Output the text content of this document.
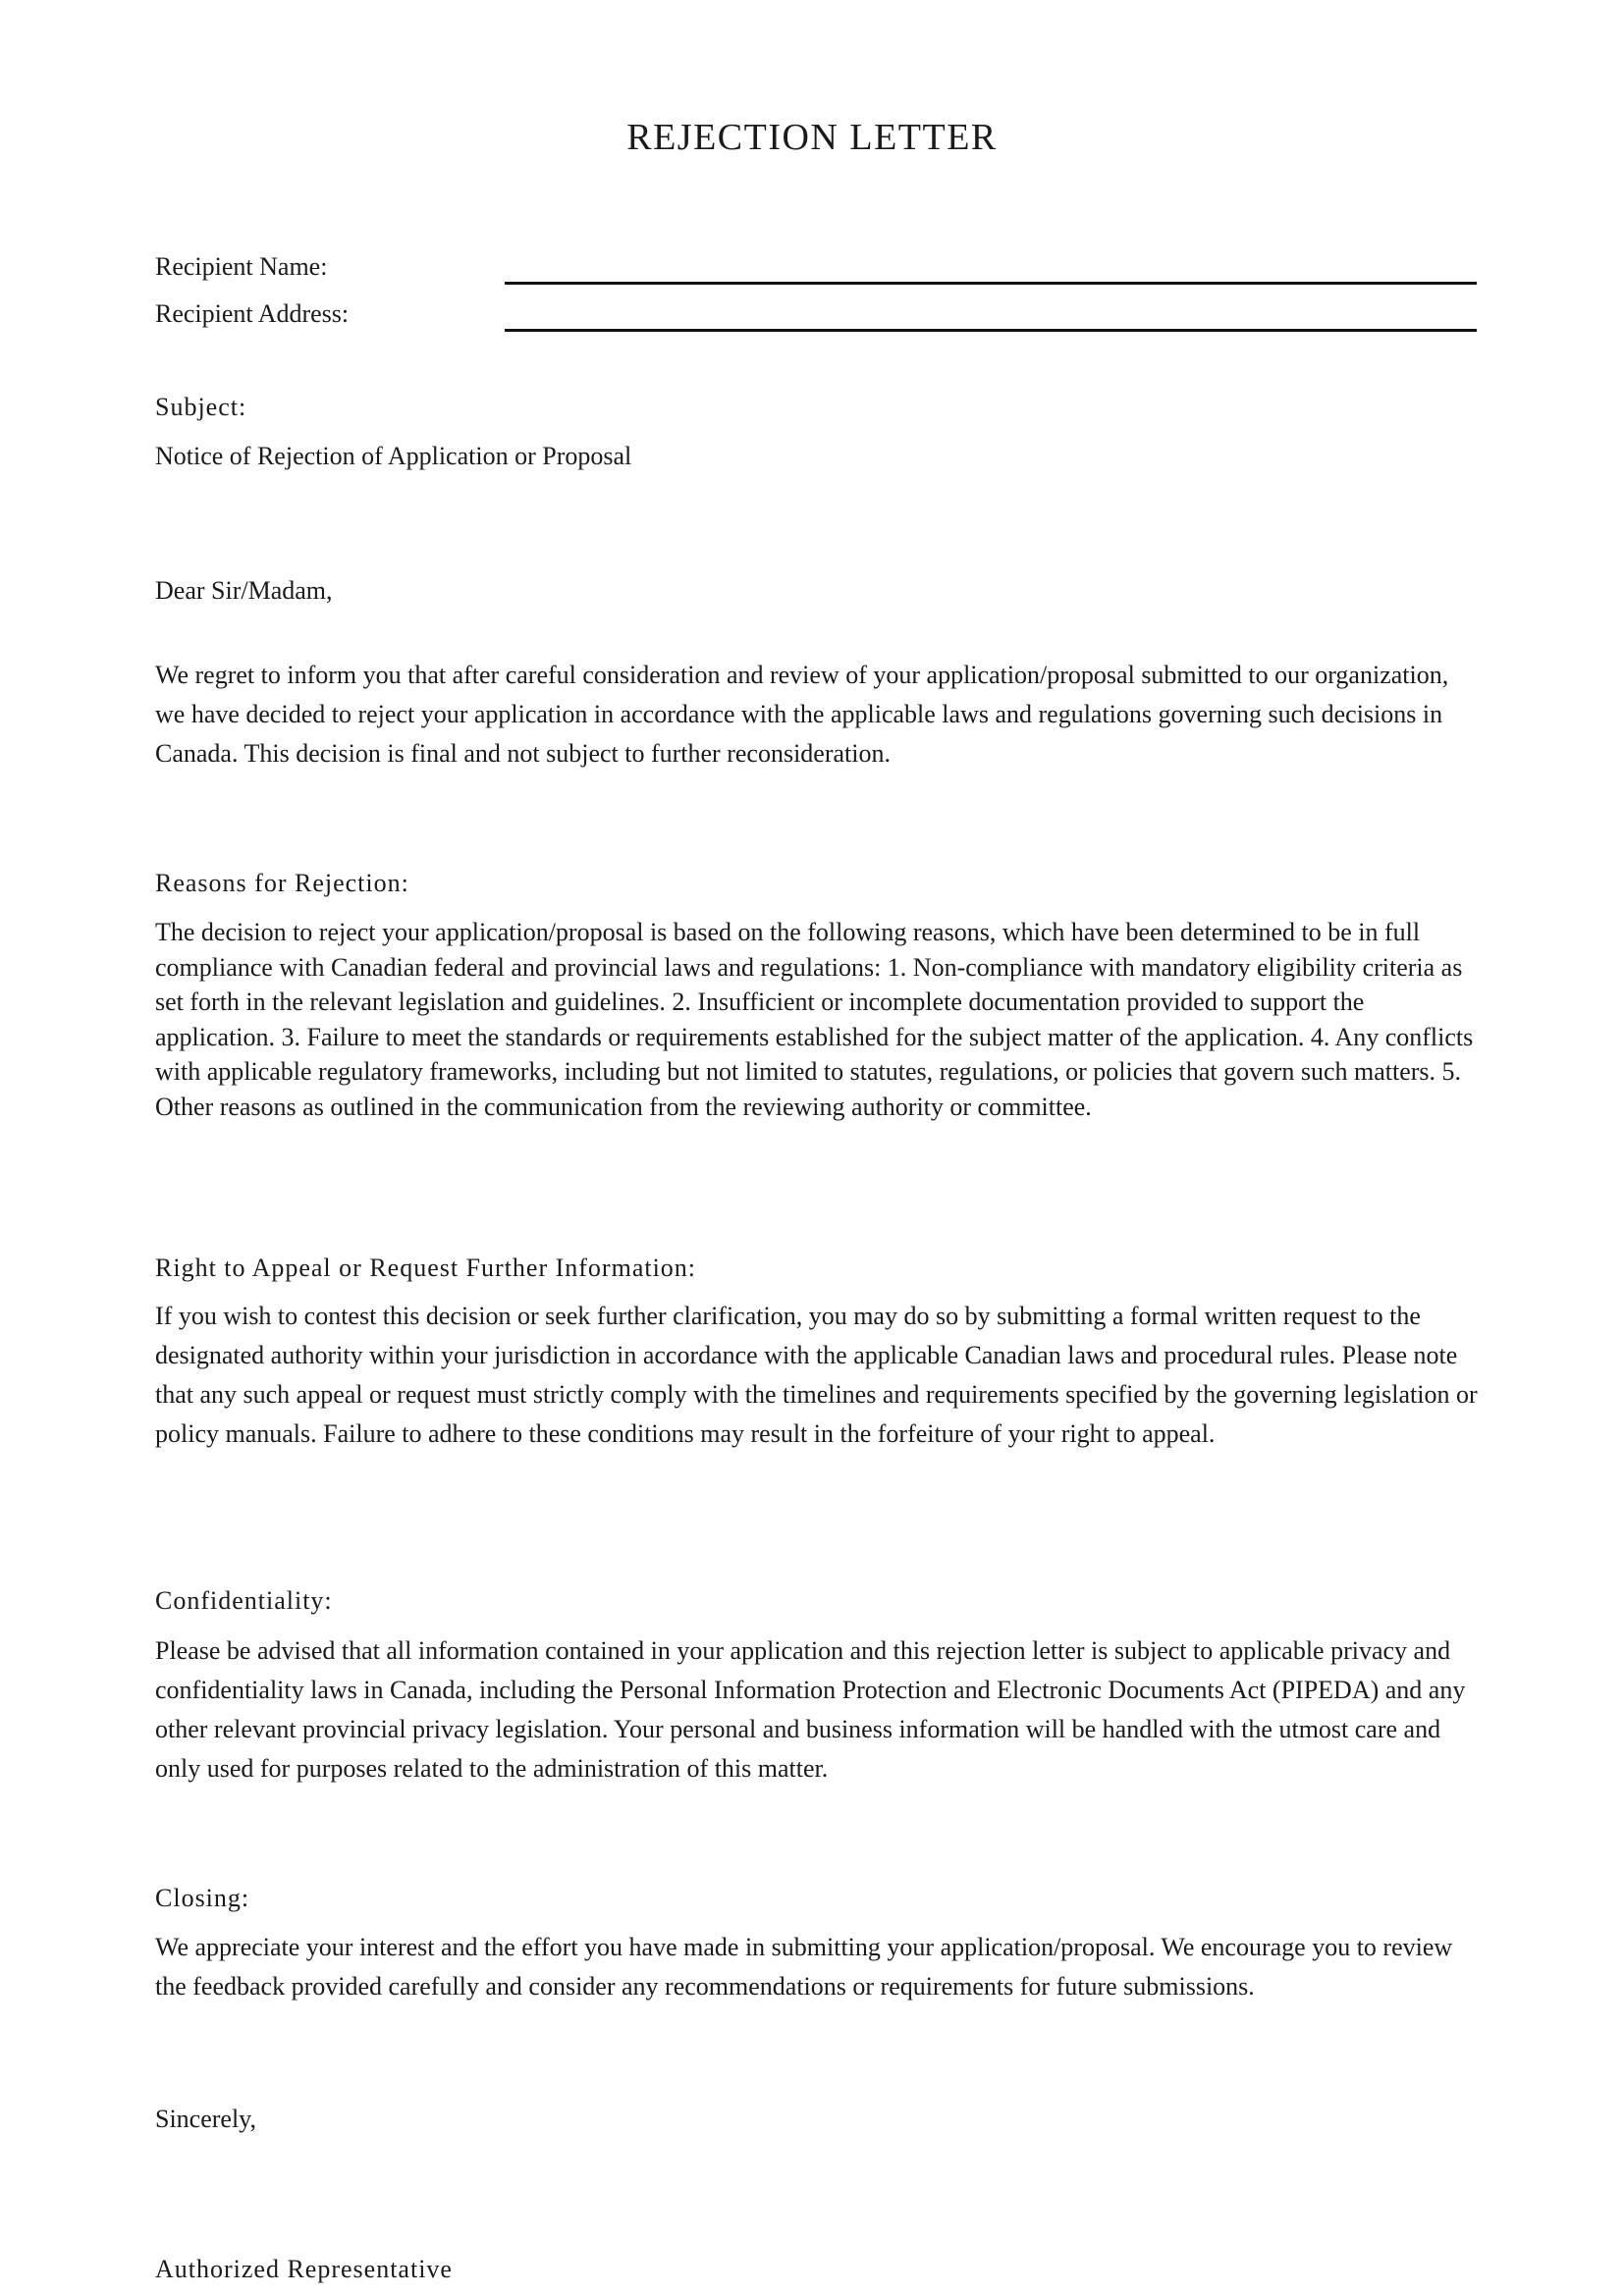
REJECTION LETTER
Recipient Name:
Recipient Address:
Subject:

Notice of Rejection of Application or Proposal

Dear Sir/Madam,

We regret to inform you that after careful consideration and review of your application/proposal submitted to our organization, we have decided to reject your application in accordance with the applicable laws and regulations governing such decisions in Canada. This decision is final and not subject to further reconsideration.

Reasons for Rejection:

The decision to reject your application/proposal is based on the following reasons, which have been determined to be in full compliance with Canadian federal and provincial laws and regulations: 1. Non-compliance with mandatory eligibility criteria as set forth in the relevant legislation and guidelines. 2. Insufficient or incomplete documentation provided to support the application. 3. Failure to meet the standards or requirements established for the subject matter of the application. 4. Any conflicts with applicable regulatory frameworks, including but not limited to statutes, regulations, or policies that govern such matters. 5. Other reasons as outlined in the communication from the reviewing authority or committee.

Right to Appeal or Request Further Information:

If you wish to contest this decision or seek further clarification, you may do so by submitting a formal written request to the designated authority within your jurisdiction in accordance with the applicable Canadian laws and procedural rules. Please note that any such appeal or request must strictly comply with the timelines and requirements specified by the governing legislation or policy manuals. Failure to adhere to these conditions may result in the forfeiture of your right to appeal.

Confidentiality:

Please be advised that all information contained in your application and this rejection letter is subject to applicable privacy and confidentiality laws in Canada, including the Personal Information Protection and Electronic Documents Act (PIPEDA) and any other relevant provincial privacy legislation. Your personal and business information will be handled with the utmost care and only used for purposes related to the administration of this matter.

Closing:

We appreciate your interest and the effort you have made in submitting your application/proposal. We encourage you to review the feedback provided carefully and consider any recommendations or requirements for future submissions.

Sincerely,

Authorized Representative
